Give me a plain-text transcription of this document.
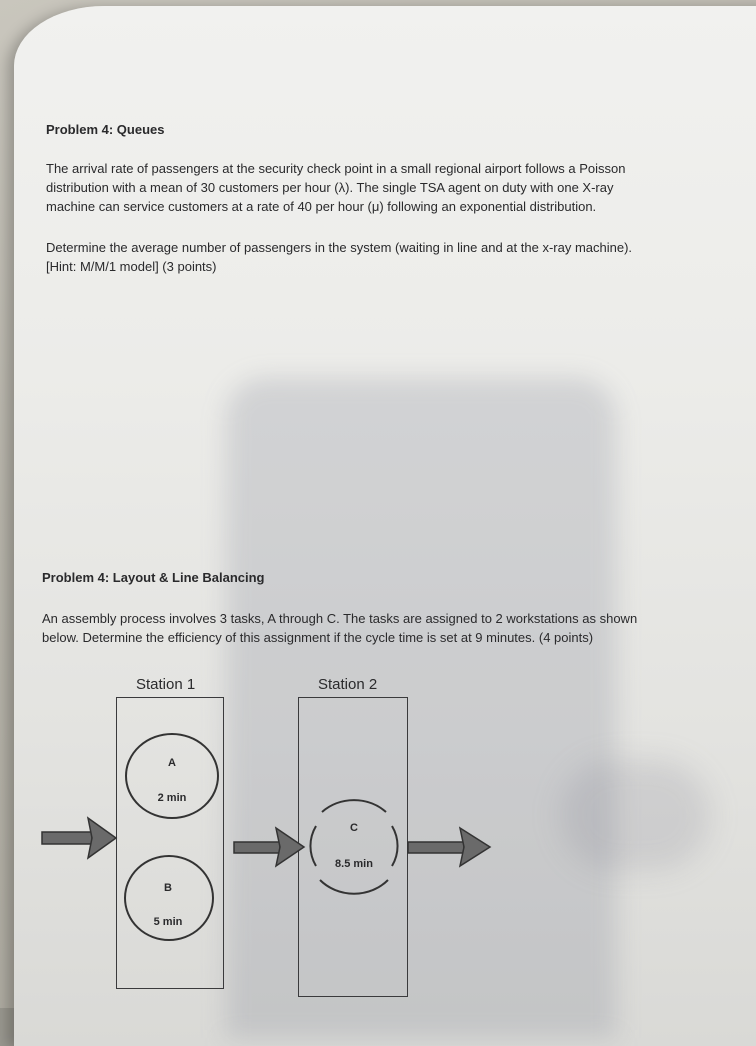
Problem 4: Queues
The arrival rate of passengers at the security check point in a small regional airport follows a Poisson
distribution with a mean of 30 customers per hour (λ). The single TSA agent on duty with one X-ray
machine can service customers at a rate of 40 per hour (μ) following an exponential distribution.
Determine the average number of passengers in the system (waiting in line and at the x-ray machine).
[Hint: M/M/1 model] (3 points)
Problem 4: Layout & Line Balancing
An assembly process involves 3 tasks, A through C. The tasks are assigned to 2 workstations as shown
below. Determine the efficiency of this assignment if the cycle time is set at 9 minutes. (4 points)
Station 1	Station 2
A
2 min
B
5 min
C
8.5 min
